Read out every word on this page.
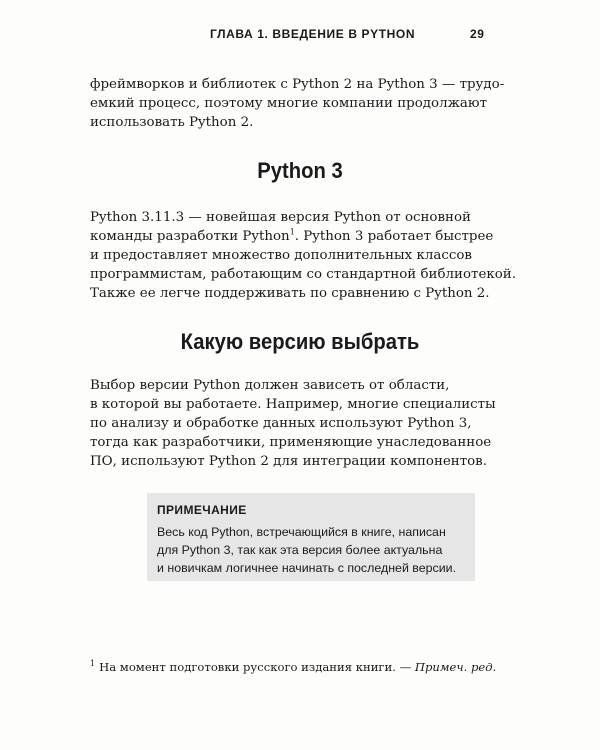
ГЛАВА 1. ВВЕДЕНИЕ В PYTHON	29

фреймворков и библиотек с Python 2 на Python 3 — трудо-
емкий процесс, поэтому многие компании продолжают
использовать Python 2.

Python 3

Python 3.11.3 — новейшая версия Python от основной
команды разработки Python$^1$. Python 3 работает быстрее
и предоставляет множество дополнительных классов
программистам, работающим со стандартной библиотекой.
Также ее легче поддерживать по сравнению с Python 2.

Какую версию выбрать

Выбор версии Python должен зависеть от области,
в которой вы работаете. Например, многие специалисты
по анализу и обработке данных используют Python 3,
тогда как разработчики, применяющие унаследованное
ПО, используют Python 2 для интеграции компонентов.

ПРИМЕЧАНИЕ
Весь код Python, встречающийся в книге, написан
для Python 3, так как эта версия более актуальна
и новичкам логичнее начинать с последней версии.
$^1$ На момент подготовки русского издания книги. — Примеч. ред.
